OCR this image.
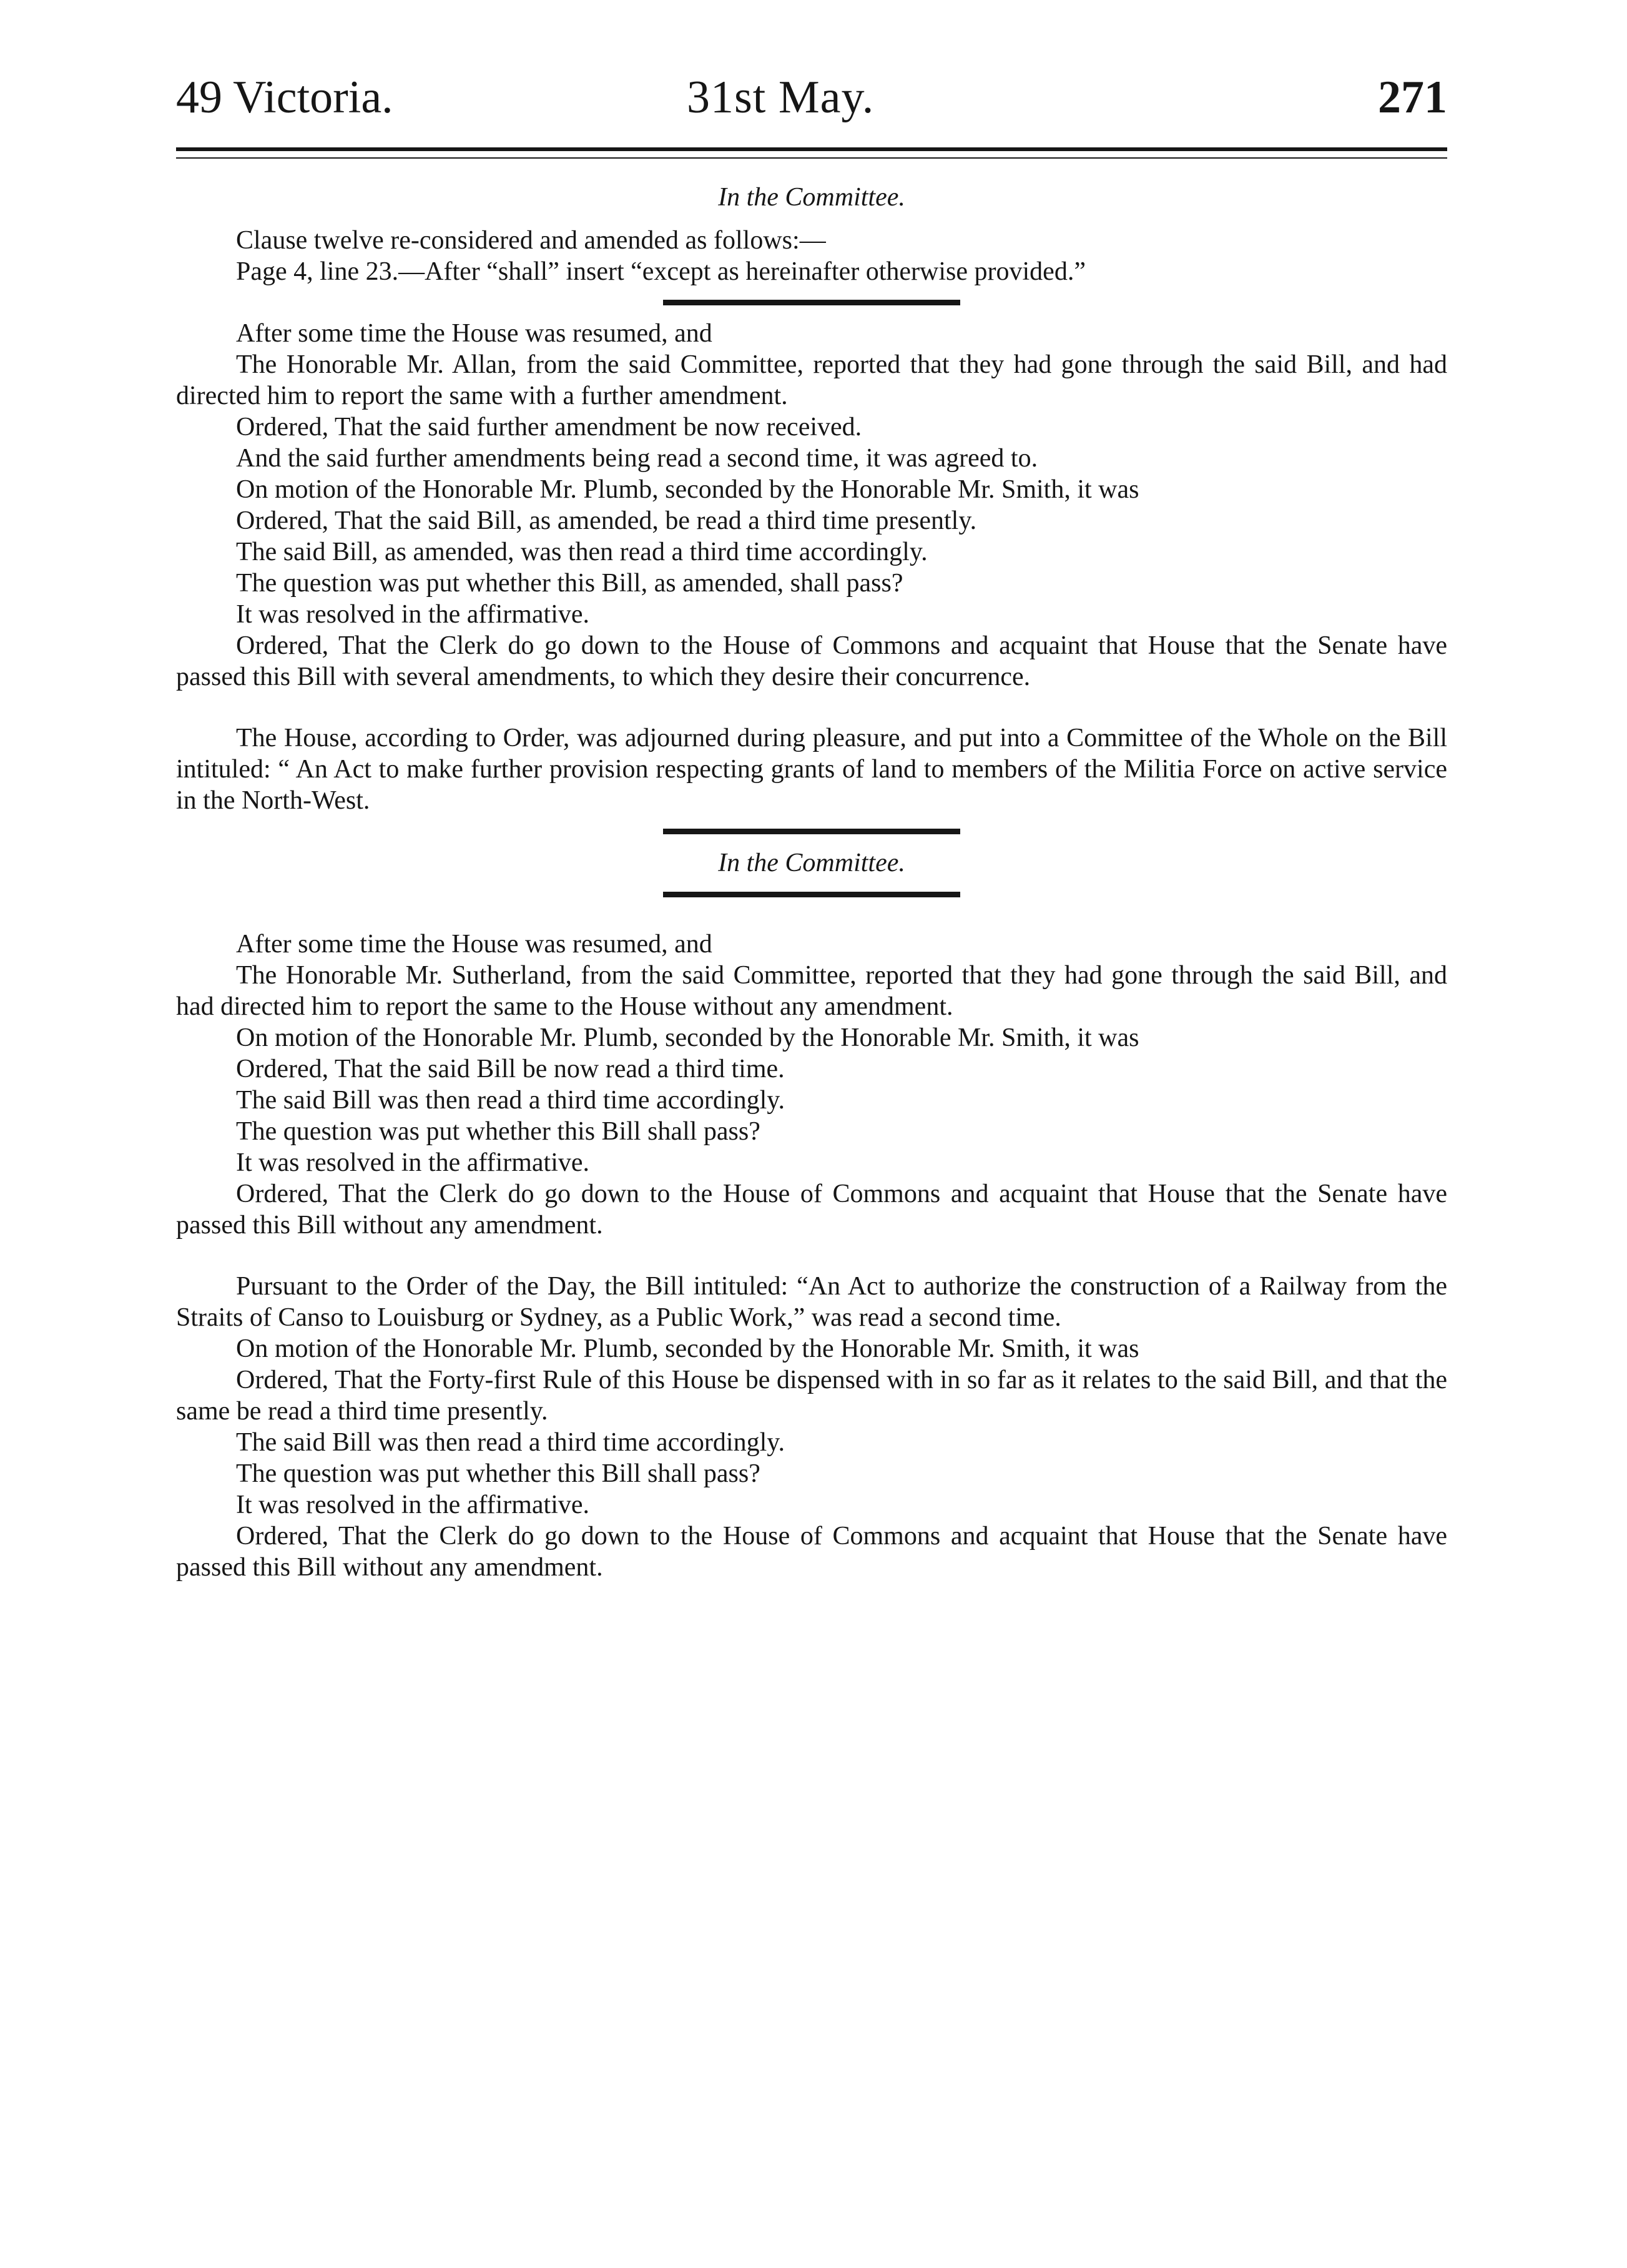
49 Victoria.	31st May.	271
In the Committee.

Clause twelve re-considered and amended as follows:—

Page 4, line 23.—After “shall” insert “except as hereinafter otherwise provided.”

After some time the House was resumed, and

The Honorable Mr. Allan, from the said Committee, reported that they had gone through the said Bill, and had directed him to report the same with a further amendment.

Ordered, That the said further amendment be now received.

And the said further amendments being read a second time, it was agreed to.

On motion of the Honorable Mr. Plumb, seconded by the Honorable Mr. Smith, it was

Ordered, That the said Bill, as amended, be read a third time presently.

The said Bill, as amended, was then read a third time accordingly.

The question was put whether this Bill, as amended, shall pass?

It was resolved in the affirmative.

Ordered, That the Clerk do go down to the House of Commons and acquaint that House that the Senate have passed this Bill with several amendments, to which they desire their concurrence.

The House, according to Order, was adjourned during pleasure, and put into a Committee of the Whole on the Bill intituled: “ An Act to make further provision respecting grants of land to members of the Militia Force on active service in the North-West.

In the Committee.

After some time the House was resumed, and

The Honorable Mr. Sutherland, from the said Committee, reported that they had gone through the said Bill, and had directed him to report the same to the House without any amendment.

On motion of the Honorable Mr. Plumb, seconded by the Honorable Mr. Smith, it was

Ordered, That the said Bill be now read a third time.

The said Bill was then read a third time accordingly.

The question was put whether this Bill shall pass?

It was resolved in the affirmative.

Ordered, That the Clerk do go down to the House of Commons and acquaint that House that the Senate have passed this Bill without any amendment.

Pursuant to the Order of the Day, the Bill intituled: “An Act to authorize the construction of a Railway from the Straits of Canso to Louisburg or Sydney, as a Public Work,” was read a second time.

On motion of the Honorable Mr. Plumb, seconded by the Honorable Mr. Smith, it was

Ordered, That the Forty-first Rule of this House be dispensed with in so far as it relates to the said Bill, and that the same be read a third time presently.

The said Bill was then read a third time accordingly.

The question was put whether this Bill shall pass?

It was resolved in the affirmative.

Ordered, That the Clerk do go down to the House of Commons and acquaint that House that the Senate have passed this Bill without any amendment.
